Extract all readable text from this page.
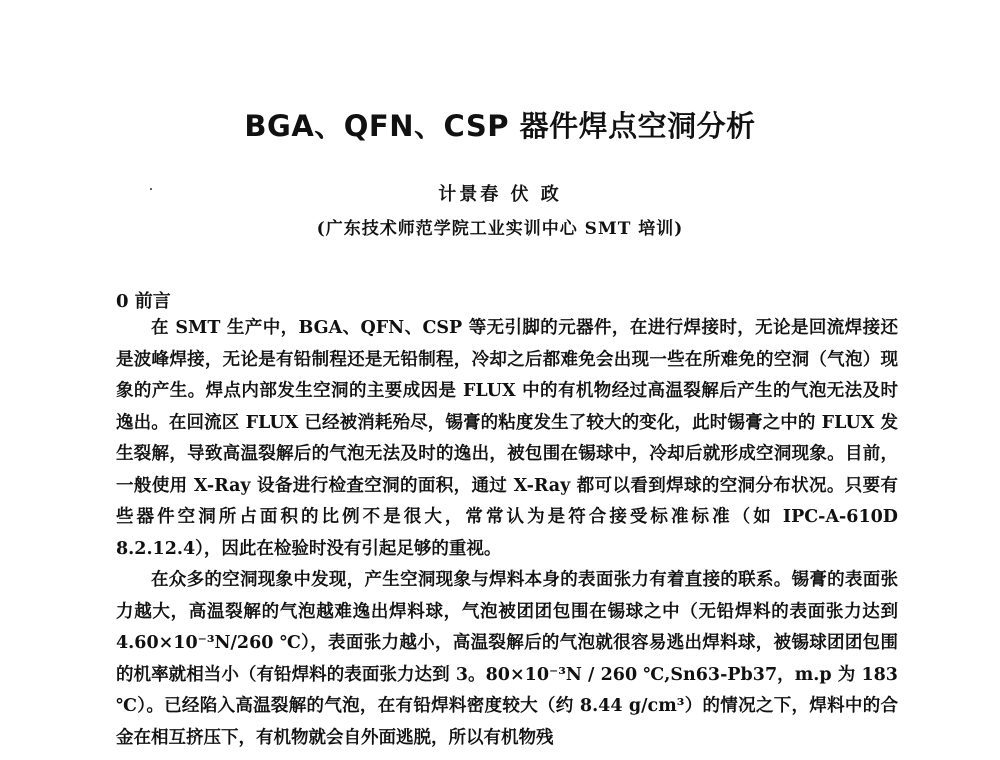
BGA、QFN、CSP 器件焊点空洞分析
计景春 伏 政
(广东技术师范学院工业实训中心 SMT 培训)
0 前言

在 SMT 生产中，BGA、QFN、CSP 等无引脚的元器件，在进行焊接时，无论是回流焊接还是波峰焊接，无论是有铅制程还是无铅制程，冷却之后都难免会出现一些在所难免的空洞（气泡）现象的产生。焊点内部发生空洞的主要成因是 FLUX 中的有机物经过高温裂解后产生的气泡无法及时逸出。在回流区 FLUX 已经被消耗殆尽，锡膏的粘度发生了较大的变化，此时锡膏之中的 FLUX 发生裂解，导致高温裂解后的气泡无法及时的逸出，被包围在锡球中，冷却后就形成空洞现象。目前，一般使用 X-Ray 设备进行检查空洞的面积，通过 X-Ray 都可以看到焊球的空洞分布状况。只要有些器件空洞所占面积的比例不是很大，常常认为是符合接受标准标准（如 IPC-A-610D 8.2.12.4），因此在检验时没有引起足够的重视。

在众多的空洞现象中发现，产生空洞现象与焊料本身的表面张力有着直接的联系。锡膏的表面张力越大，高温裂解的气泡越难逸出焊料球，气泡被团团包围在锡球之中（无铅焊料的表面张力达到 4.60×10⁻³N/260 ℃），表面张力越小，高温裂解后的气泡就很容易逃出焊料球，被锡球团团包围的机率就相当小（有铅焊料的表面张力达到 3。80×10⁻³N / 260 ℃,Sn63-Pb37，m.p 为 183 ℃）。已经陷入高温裂解的气泡，在有铅焊料密度较大（约 8.44 g/cm³）的情况之下，焊料中的合金在相互挤压下，有机物就会自外面逃脱，所以有机物残
